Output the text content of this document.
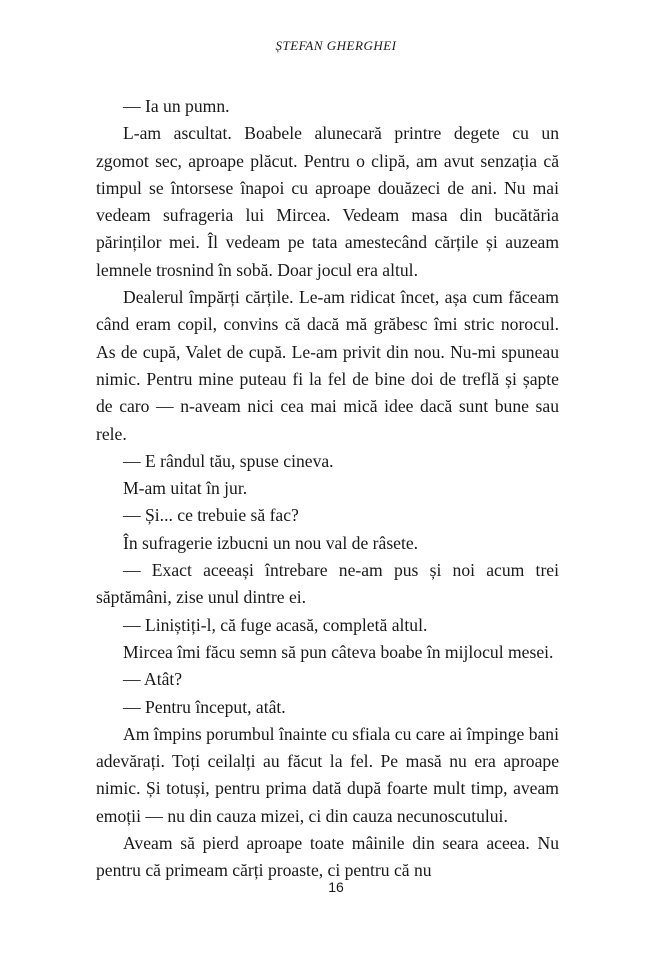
ȘTEFAN GHERGHEI

— Ia un pumn.

L-am ascultat. Boabele alunecară printre degete cu un zgomot sec, aproape plăcut. Pentru o clipă, am avut senzația că timpul se întorsese înapoi cu aproape douăzeci de ani. Nu mai vedeam sufrageria lui Mircea. Vedeam masa din bucătăria părinților mei. Îl vedeam pe tata amestecând cărțile și auzeam lemnele trosnind în sobă. Doar jocul era altul.

Dealerul împărți cărțile. Le-am ridicat încet, așa cum făceam când eram copil, convins că dacă mă grăbesc îmi stric norocul. As de cupă, Valet de cupă. Le-am privit din nou. Nu-mi spuneau nimic. Pentru mine puteau fi la fel de bine doi de treflă și șapte de caro — n-aveam nici cea mai mică idee dacă sunt bune sau rele.

— E rândul tău, spuse cineva.

M-am uitat în jur.

— Și... ce trebuie să fac?

În sufragerie izbucni un nou val de râsete.

— Exact aceeași întrebare ne-am pus și noi acum trei săptămâni, zise unul dintre ei.

— Liniștiți-l, că fuge acasă, completă altul.

Mircea îmi făcu semn să pun câteva boabe în mijlocul mesei.

— Atât?

— Pentru început, atât.

Am împins porumbul înainte cu sfiala cu care ai împinge bani adevărați. Toți ceilalți au făcut la fel. Pe masă nu era aproape nimic. Și totuși, pentru prima dată după foarte mult timp, aveam emoții — nu din cauza mizei, ci din cauza necunoscutului.

Aveam să pierd aproape toate mâinile din seara aceea. Nu pentru că primeam cărți proaste, ci pentru că nu

16
